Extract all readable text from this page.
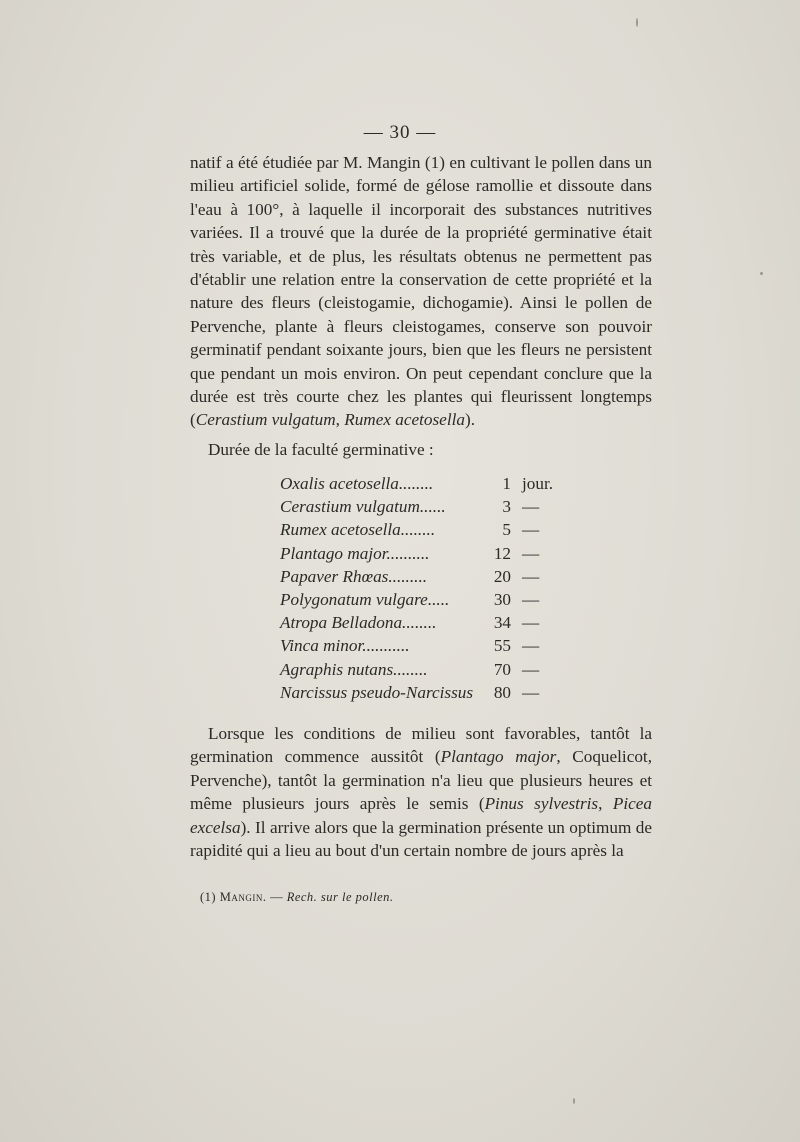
— 30 —

natif a été étudiée par M. Mangin (1) en cultivant le pollen dans un milieu artificiel solide, formé de gélose ramollie et dissoute dans l'eau à 100°, à laquelle il incorporait des substances nutritives variées. Il a trouvé que la durée de la propriété germinative était très variable, et de plus, les résultats obtenus ne permettent pas d'établir une relation entre la conservation de cette propriété et la nature des fleurs (cleistogamie, dichogamie). Ainsi le pollen de Pervenche, plante à fleurs cleistogames, conserve son pouvoir germinatif pendant soixante jours, bien que les fleurs ne persistent que pendant un mois environ. On peut cependant conclure que la durée est très courte chez les plantes qui fleurissent longtemps (Cerastium vulgatum, Rumex acetosella).

Durée de la faculté germinative :
Oxalis acetosella........	1 jour.
Cerastium vulgatum......	3 —
Rumex acetosella........	5 —
Plantago major..........	12 —
Papaver Rhœas.........	20 —
Polygonatum vulgare.....	30 —
Atropa Belladona........	34 —
Vinca minor...........	55 —
Agraphis nutans........	70 —
Narcissus pseudo-Narcissus	80 —

Lorsque les conditions de milieu sont favorables, tantôt la germination commence aussitôt (Plantago major, Coquelicot, Pervenche), tantôt la germination n'a lieu que plusieurs heures et même plusieurs jours après le semis (Pinus sylvestris, Picea excelsa). Il arrive alors que la germination présente un optimum de rapidité qui a lieu au bout d'un certain nombre de jours après la

(1) Mangin. — Rech. sur le pollen.
